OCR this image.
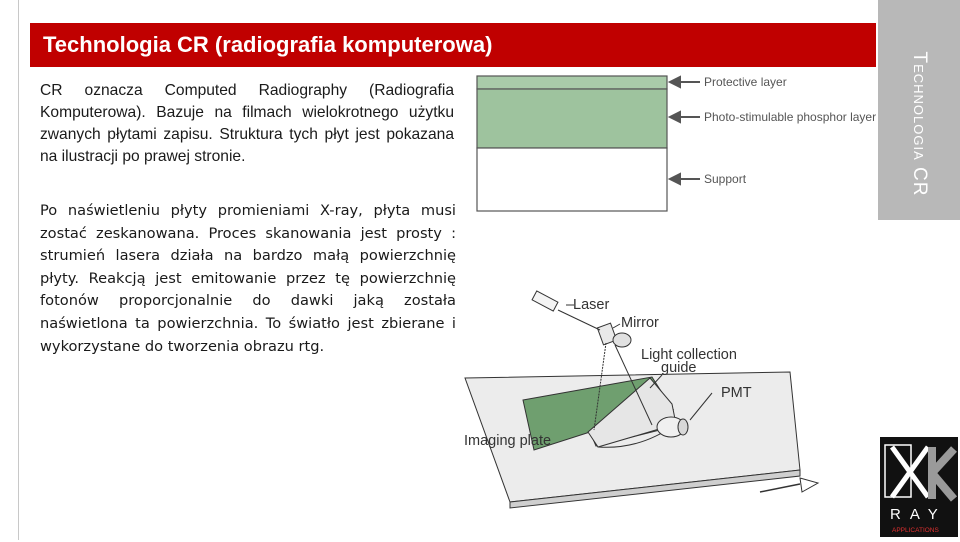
Technologia CR (radiografia komputerowa)
Technologia CR
CR oznacza Computed Radiography (Radiografia Komputerowa). Bazuje na filmach wielokrotnego użytku zwanych płytami zapisu. Struktura tych płyt jest pokazana na ilustracji po prawej stronie.
Po naświetleniu płyty promieniami X-ray, płyta musi zostać zeskanowana. Proces skanowania jest prosty : strumień lasera działa na bardzo małą powierzchnię płyty. Reakcją jest emitowanie przez tę powierzchnię fotonów proporcjonalnie do dawki jaką została naświetlona ta powierzchnia. To światło jest zbierane i wykorzystane do tworzenia obrazu rtg.
Protective layer
Photo-stimulable phosphor layer
Support
Laser
Mirror
Light collection
guide
PMT
Imaging plate
RAY
APPLICATIONS
